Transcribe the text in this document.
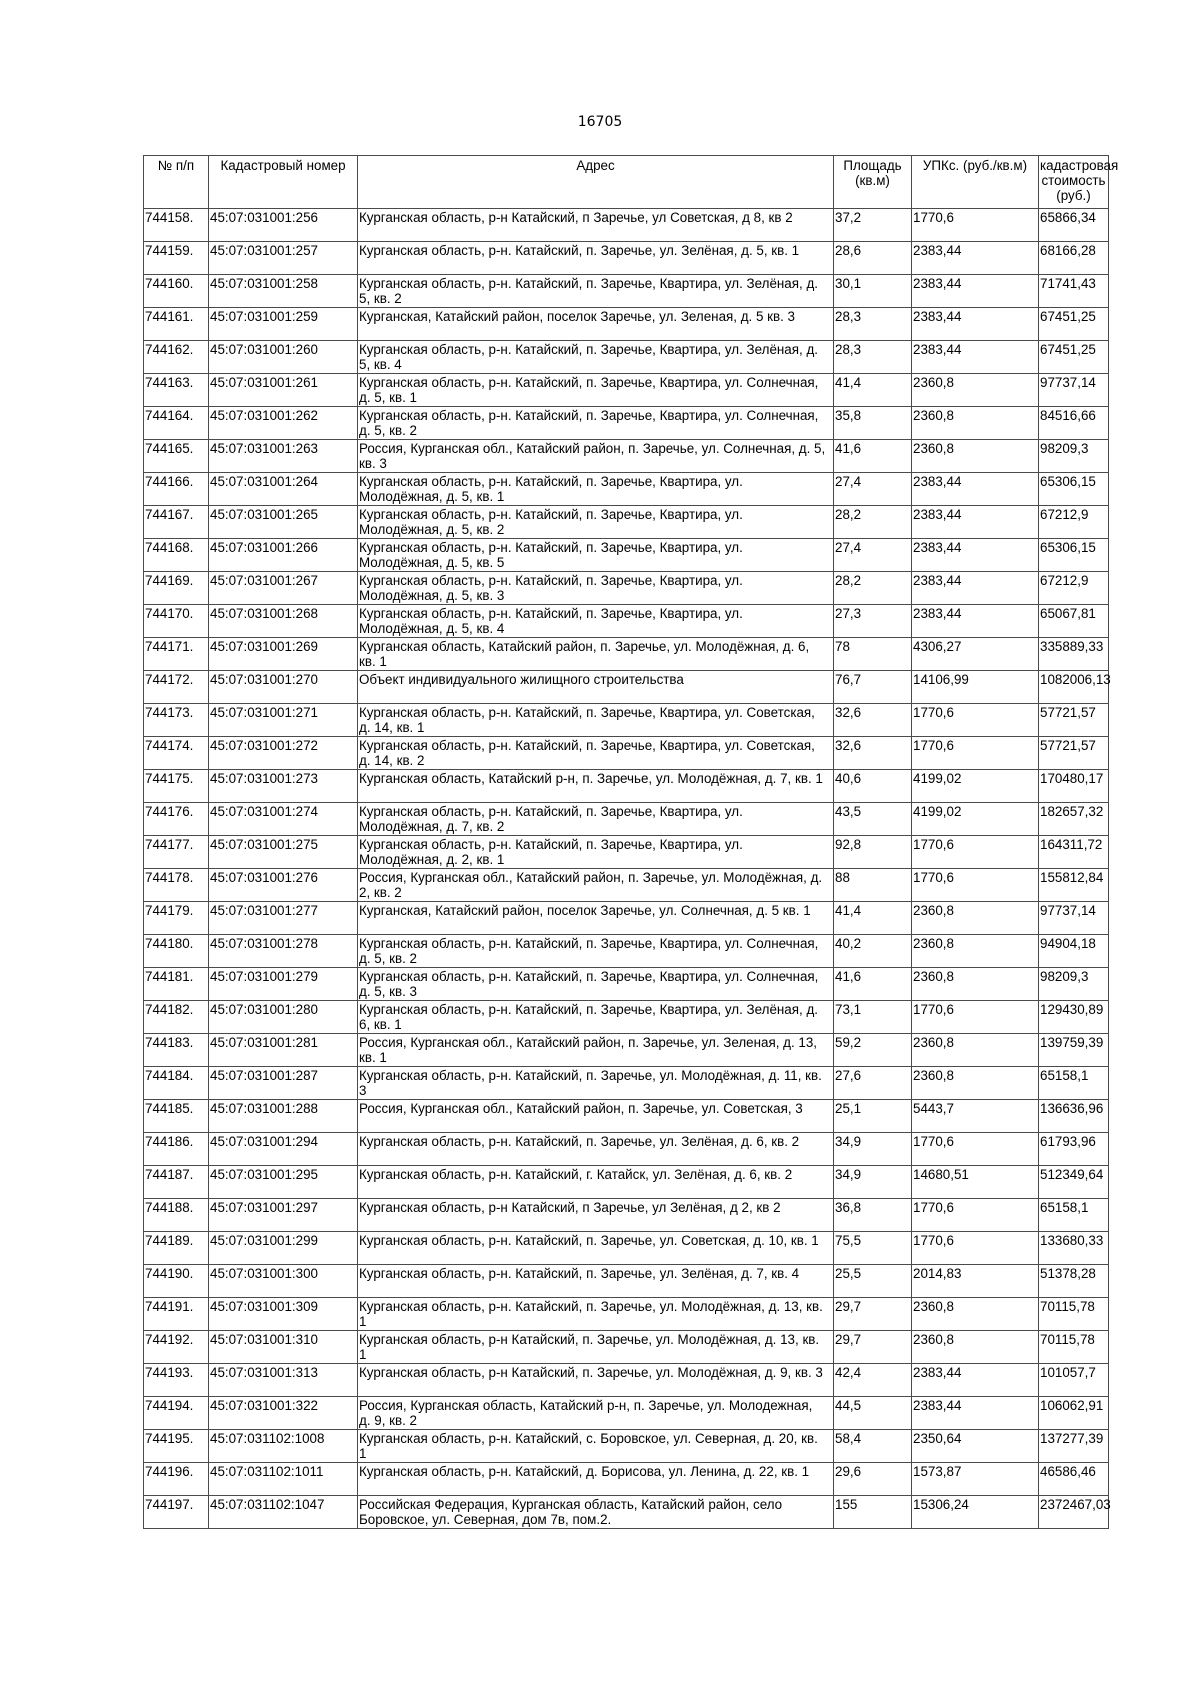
16705
№ п/п	Кадастровый номер	Адрес	Площадь (кв.м)	УПКс. (руб./кв.м)	кадастровая стоимость (руб.)
744158.	45:07:031001:256	Курганская область, р-н Катайский, п Заречье, ул Советская, д 8, кв 2	37,2	1770,6	65866,34
744159.	45:07:031001:257	Курганская область, р-н. Катайский, п. Заречье, ул. Зелёная, д. 5, кв. 1	28,6	2383,44	68166,28
744160.	45:07:031001:258	Курганская область, р-н. Катайский, п. Заречье, Квартира, ул. Зелёная, д. 5, кв. 2	30,1	2383,44	71741,43
744161.	45:07:031001:259	Курганская, Катайский район, поселок Заречье, ул. Зеленая, д. 5 кв. 3	28,3	2383,44	67451,25
744162.	45:07:031001:260	Курганская область, р-н. Катайский, п. Заречье, Квартира, ул. Зелёная, д. 5, кв. 4	28,3	2383,44	67451,25
744163.	45:07:031001:261	Курганская область, р-н. Катайский, п. Заречье, Квартира, ул. Солнечная, д. 5, кв. 1	41,4	2360,8	97737,14
744164.	45:07:031001:262	Курганская область, р-н. Катайский, п. Заречье, Квартира, ул. Солнечная, д. 5, кв. 2	35,8	2360,8	84516,66
744165.	45:07:031001:263	Россия, Курганская обл., Катайский район, п. Заречье, ул. Солнечная, д. 5, кв. 3	41,6	2360,8	98209,3
744166.	45:07:031001:264	Курганская область, р-н. Катайский, п. Заречье, Квартира, ул. Молодёжная, д. 5, кв. 1	27,4	2383,44	65306,15
744167.	45:07:031001:265	Курганская область, р-н. Катайский, п. Заречье, Квартира, ул. Молодёжная, д. 5, кв. 2	28,2	2383,44	67212,9
744168.	45:07:031001:266	Курганская область, р-н. Катайский, п. Заречье, Квартира, ул. Молодёжная, д. 5, кв. 5	27,4	2383,44	65306,15
744169.	45:07:031001:267	Курганская область, р-н. Катайский, п. Заречье, Квартира, ул. Молодёжная, д. 5, кв. 3	28,2	2383,44	67212,9
744170.	45:07:031001:268	Курганская область, р-н. Катайский, п. Заречье, Квартира, ул. Молодёжная, д. 5, кв. 4	27,3	2383,44	65067,81
744171.	45:07:031001:269	Курганская область, Катайский район, п. Заречье, ул. Молодёжная, д. 6, кв. 1	78	4306,27	335889,33
744172.	45:07:031001:270	Объект индивидуального жилищного строительства	76,7	14106,99	1082006,13
744173.	45:07:031001:271	Курганская область, р-н. Катайский, п. Заречье, Квартира, ул. Советская, д. 14, кв. 1	32,6	1770,6	57721,57
744174.	45:07:031001:272	Курганская область, р-н. Катайский, п. Заречье, Квартира, ул. Советская, д. 14, кв. 2	32,6	1770,6	57721,57
744175.	45:07:031001:273	Курганская область, Катайский р-н, п. Заречье, ул. Молодёжная, д. 7, кв. 1	40,6	4199,02	170480,17
744176.	45:07:031001:274	Курганская область, р-н. Катайский, п. Заречье, Квартира, ул. Молодёжная, д. 7, кв. 2	43,5	4199,02	182657,32
744177.	45:07:031001:275	Курганская область, р-н. Катайский, п. Заречье, Квартира, ул. Молодёжная, д. 2, кв. 1	92,8	1770,6	164311,72
744178.	45:07:031001:276	Россия, Курганская обл., Катайский район, п. Заречье, ул. Молодёжная, д. 2, кв. 2	88	1770,6	155812,84
744179.	45:07:031001:277	Курганская, Катайский район, поселок Заречье, ул. Солнечная, д. 5 кв. 1	41,4	2360,8	97737,14
744180.	45:07:031001:278	Курганская область, р-н. Катайский, п. Заречье, Квартира, ул. Солнечная, д. 5, кв. 2	40,2	2360,8	94904,18
744181.	45:07:031001:279	Курганская область, р-н. Катайский, п. Заречье, Квартира, ул. Солнечная, д. 5, кв. 3	41,6	2360,8	98209,3
744182.	45:07:031001:280	Курганская область, р-н. Катайский, п. Заречье, Квартира, ул. Зелёная, д. 6, кв. 1	73,1	1770,6	129430,89
744183.	45:07:031001:281	Россия, Курганская обл., Катайский район, п. Заречье, ул. Зеленая, д. 13, кв. 1	59,2	2360,8	139759,39
744184.	45:07:031001:287	Курганская область, р-н. Катайский, п. Заречье, ул. Молодёжная, д. 11, кв. 3	27,6	2360,8	65158,1
744185.	45:07:031001:288	Россия, Курганская обл., Катайский район, п. Заречье, ул. Советская, 3	25,1	5443,7	136636,96
744186.	45:07:031001:294	Курганская область, р-н. Катайский, п. Заречье, ул. Зелёная, д. 6, кв. 2	34,9	1770,6	61793,96
744187.	45:07:031001:295	Курганская область, р-н. Катайский, г. Катайск, ул. Зелёная, д. 6, кв. 2	34,9	14680,51	512349,64
744188.	45:07:031001:297	Курганская область, р-н Катайский, п Заречье, ул Зелёная, д 2, кв 2	36,8	1770,6	65158,1
744189.	45:07:031001:299	Курганская область, р-н. Катайский, п. Заречье, ул. Советская, д. 10, кв. 1	75,5	1770,6	133680,33
744190.	45:07:031001:300	Курганская область, р-н. Катайский, п. Заречье, ул. Зелёная, д. 7, кв. 4	25,5	2014,83	51378,28
744191.	45:07:031001:309	Курганская область, р-н. Катайский, п. Заречье, ул. Молодёжная, д. 13, кв. 1	29,7	2360,8	70115,78
744192.	45:07:031001:310	Курганская область, р-н Катайский, п. Заречье, ул. Молодёжная, д. 13, кв. 1	29,7	2360,8	70115,78
744193.	45:07:031001:313	Курганская область, р-н Катайский, п. Заречье, ул. Молодёжная, д. 9, кв. 3	42,4	2383,44	101057,7
744194.	45:07:031001:322	Россия, Курганская область, Катайский р-н, п. Заречье, ул. Молодежная, д. 9, кв. 2	44,5	2383,44	106062,91
744195.	45:07:031102:1008	Курганская область, р-н. Катайский, с. Боровское, ул. Северная, д. 20, кв. 1	58,4	2350,64	137277,39
744196.	45:07:031102:1011	Курганская область, р-н. Катайский, д. Борисова, ул. Ленина, д. 22, кв. 1	29,6	1573,87	46586,46
744197.	45:07:031102:1047	Российская Федерация, Курганская область, Катайский район, село Боровское, ул. Северная, дом 7в, пом.2.	155	15306,24	2372467,03
